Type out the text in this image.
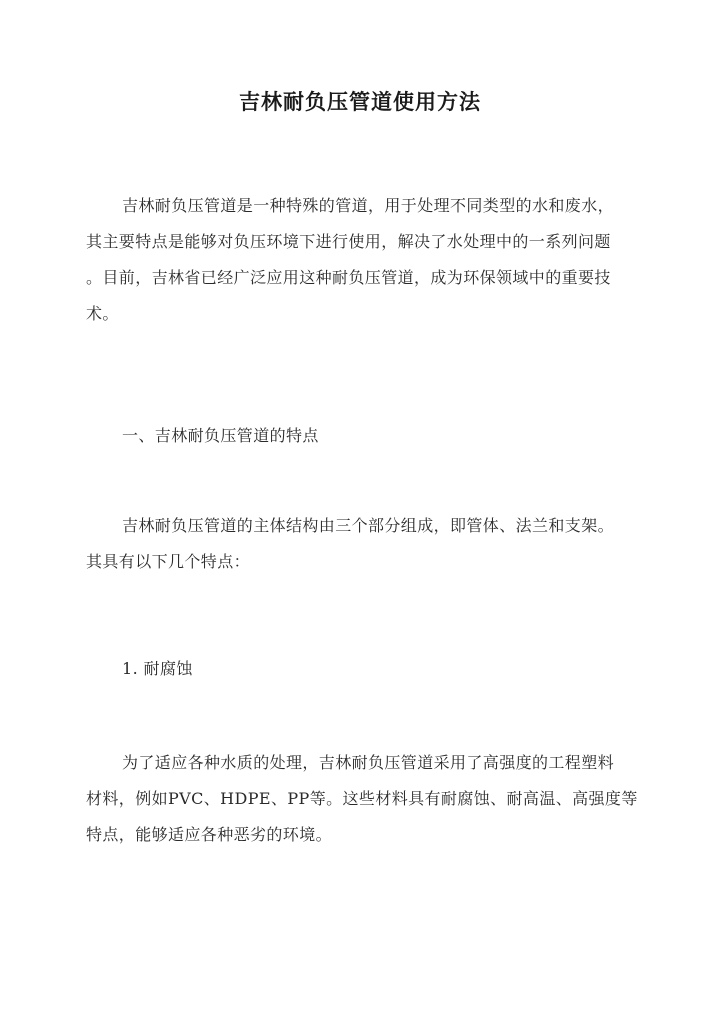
吉林耐负压管道使用方法
吉林耐负压管道是一种特殊的管道，用于处理不同类型的水和废水，
其主要特点是能够对负压环境下进行使用，解决了水处理中的一系列问题
。目前，吉林省已经广泛应用这种耐负压管道，成为环保领域中的重要技
术。
一、吉林耐负压管道的特点
吉林耐负压管道的主体结构由三个部分组成，即管体、法兰和支架。
其具有以下几个特点：
1. 耐腐蚀
为了适应各种水质的处理，吉林耐负压管道采用了高强度的工程塑料
材料，例如PVC、HDPE、PP等。这些材料具有耐腐蚀、耐高温、高强度等
特点，能够适应各种恶劣的环境。
